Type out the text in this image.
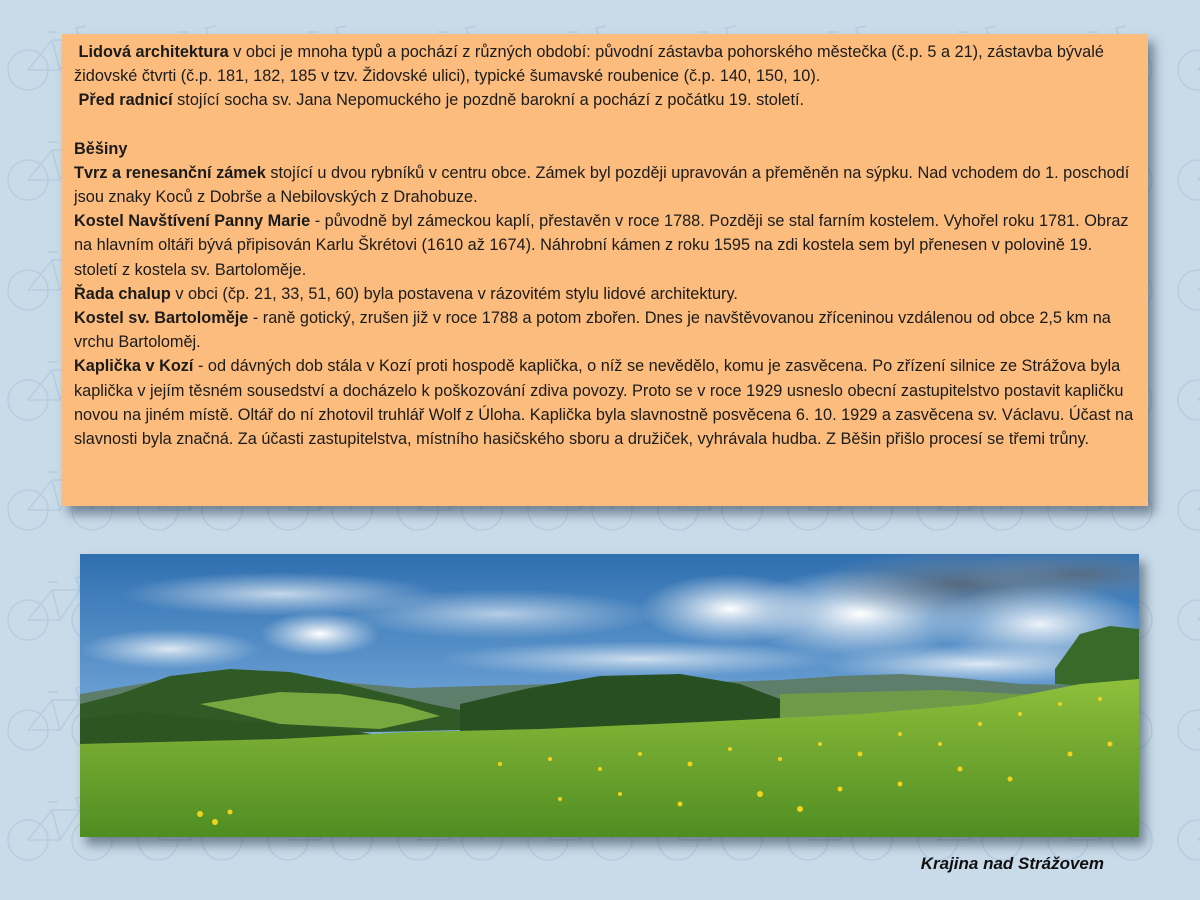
Lidová architektura v obci je mnoha typů a pochází z různých období: původní zástavba pohorského městečka (č.p. 5 a 21), zástavba bývalé židovské čtvrti (č.p. 181, 182, 185 v tzv. Židovské ulici), typické šumavské roubenice (č.p. 140, 150, 10).

Před radnicí stojící socha sv. Jana Nepomuckého je pozdně barokní a pochází z počátku 19. století.

Běšiny

Tvrz a renesanční zámek stojící u dvou rybníků v centru obce. Zámek byl později upravován a přeměněn na sýpku. Nad vchodem do 1. poschodí jsou znaky Koců z Dobrše a Nebilovských z Drahobuze.

Kostel Navštívení Panny Marie - původně byl zámeckou kaplí, přestavěn v roce 1788. Později se stal farním kostelem. Vyhořel roku 1781. Obraz na hlavním oltáři bývá připisován Karlu Škrétovi (1610 až 1674). Náhrobní kámen z roku 1595 na zdi kostela sem byl přenesen v polovině 19. století z kostela sv. Bartoloměje.

Řada chalup v obci (čp. 21, 33, 51, 60) byla postavena v rázovitém stylu lidové architektury.

Kostel sv. Bartoloměje - raně gotický, zrušen již v roce 1788 a potom zbořen. Dnes je navštěvovanou zříceninou vzdálenou od obce 2,5 km na vrchu Bartoloměj.

Kaplička v Kozí - od dávných dob stála v Kozí proti hospodě kaplička, o níž se nevědělo, komu je zasvěcena. Po zřízení silnice ze Strážova byla kaplička v jejím těsném sousedství a docházelo k poškozování zdiva povozy. Proto se v roce 1929 usneslo obecní zastupitelstvo postavit kapličku novou na jiném místě. Oltář do ní zhotovil truhlář Wolf z Úloha. Kaplička byla slavnostně posvěcena 6. 10. 1929 a zasvěcena sv. Václavu. Účast na slavnosti byla značná. Za účasti zastupitelstva, místního hasičského sboru a družiček, vyhrávala hudba. Z Běšin přišlo procesí se třemi trůny.

Krajina nad Strážovem
